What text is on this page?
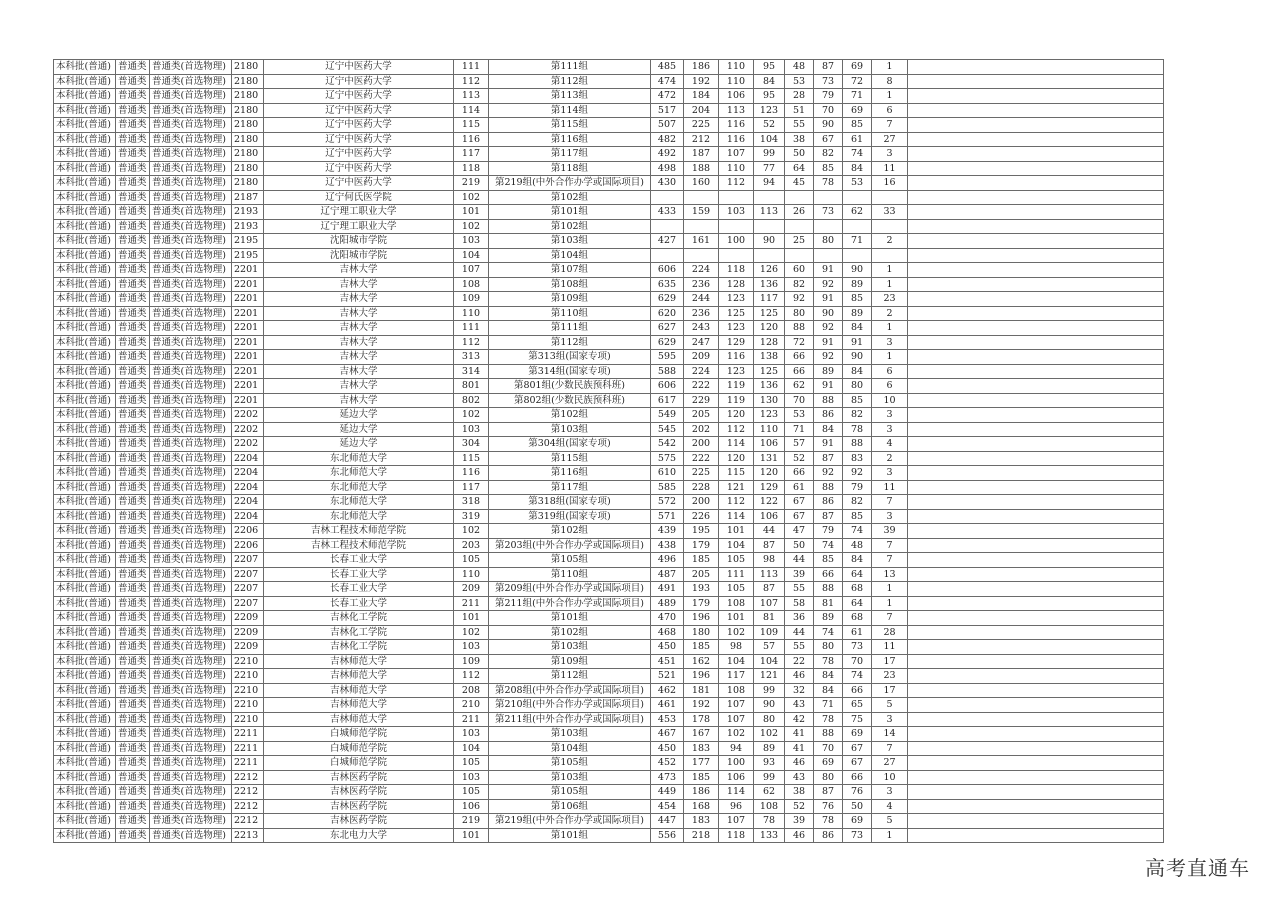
本科批(普通)	普通类	普通类(首选物理)	2180	辽宁中医药大学	111	第111组	485	186	110	95	48	87	69	1	
本科批(普通)	普通类	普通类(首选物理)	2180	辽宁中医药大学	112	第112组	474	192	110	84	53	73	72	8	
本科批(普通)	普通类	普通类(首选物理)	2180	辽宁中医药大学	113	第113组	472	184	106	95	28	79	71	1	
本科批(普通)	普通类	普通类(首选物理)	2180	辽宁中医药大学	114	第114组	517	204	113	123	51	70	69	6	
本科批(普通)	普通类	普通类(首选物理)	2180	辽宁中医药大学	115	第115组	507	225	116	52	55	90	85	7	
本科批(普通)	普通类	普通类(首选物理)	2180	辽宁中医药大学	116	第116组	482	212	116	104	38	67	61	27	
本科批(普通)	普通类	普通类(首选物理)	2180	辽宁中医药大学	117	第117组	492	187	107	99	50	82	74	3	
本科批(普通)	普通类	普通类(首选物理)	2180	辽宁中医药大学	118	第118组	498	188	110	77	64	85	84	11	
本科批(普通)	普通类	普通类(首选物理)	2180	辽宁中医药大学	219	第219组(中外合作办学或国际项目)	430	160	112	94	45	78	53	16	
本科批(普通)	普通类	普通类(首选物理)	2187	辽宁何氏医学院	102	第102组									
本科批(普通)	普通类	普通类(首选物理)	2193	辽宁理工职业大学	101	第101组	433	159	103	113	26	73	62	33	
本科批(普通)	普通类	普通类(首选物理)	2193	辽宁理工职业大学	102	第102组									
本科批(普通)	普通类	普通类(首选物理)	2195	沈阳城市学院	103	第103组	427	161	100	90	25	80	71	2	
本科批(普通)	普通类	普通类(首选物理)	2195	沈阳城市学院	104	第104组									
本科批(普通)	普通类	普通类(首选物理)	2201	吉林大学	107	第107组	606	224	118	126	60	91	90	1	
本科批(普通)	普通类	普通类(首选物理)	2201	吉林大学	108	第108组	635	236	128	136	82	92	89	1	
本科批(普通)	普通类	普通类(首选物理)	2201	吉林大学	109	第109组	629	244	123	117	92	91	85	23	
本科批(普通)	普通类	普通类(首选物理)	2201	吉林大学	110	第110组	620	236	125	125	80	90	89	2	
本科批(普通)	普通类	普通类(首选物理)	2201	吉林大学	111	第111组	627	243	123	120	88	92	84	1	
本科批(普通)	普通类	普通类(首选物理)	2201	吉林大学	112	第112组	629	247	129	128	72	91	91	3	
本科批(普通)	普通类	普通类(首选物理)	2201	吉林大学	313	第313组(国家专项)	595	209	116	138	66	92	90	1	
本科批(普通)	普通类	普通类(首选物理)	2201	吉林大学	314	第314组(国家专项)	588	224	123	125	66	89	84	6	
本科批(普通)	普通类	普通类(首选物理)	2201	吉林大学	801	第801组(少数民族预科班)	606	222	119	136	62	91	80	6	
本科批(普通)	普通类	普通类(首选物理)	2201	吉林大学	802	第802组(少数民族预科班)	617	229	119	130	70	88	85	10	
本科批(普通)	普通类	普通类(首选物理)	2202	延边大学	102	第102组	549	205	120	123	53	86	82	3	
本科批(普通)	普通类	普通类(首选物理)	2202	延边大学	103	第103组	545	202	112	110	71	84	78	3	
本科批(普通)	普通类	普通类(首选物理)	2202	延边大学	304	第304组(国家专项)	542	200	114	106	57	91	88	4	
本科批(普通)	普通类	普通类(首选物理)	2204	东北师范大学	115	第115组	575	222	120	131	52	87	83	2	
本科批(普通)	普通类	普通类(首选物理)	2204	东北师范大学	116	第116组	610	225	115	120	66	92	92	3	
本科批(普通)	普通类	普通类(首选物理)	2204	东北师范大学	117	第117组	585	228	121	129	61	88	79	11	
本科批(普通)	普通类	普通类(首选物理)	2204	东北师范大学	318	第318组(国家专项)	572	200	112	122	67	86	82	7	
本科批(普通)	普通类	普通类(首选物理)	2204	东北师范大学	319	第319组(国家专项)	571	226	114	106	67	87	85	3	
本科批(普通)	普通类	普通类(首选物理)	2206	吉林工程技术师范学院	102	第102组	439	195	101	44	47	79	74	39	
本科批(普通)	普通类	普通类(首选物理)	2206	吉林工程技术师范学院	203	第203组(中外合作办学或国际项目)	438	179	104	87	50	74	48	7	
本科批(普通)	普通类	普通类(首选物理)	2207	长春工业大学	105	第105组	496	185	105	98	44	85	84	7	
本科批(普通)	普通类	普通类(首选物理)	2207	长春工业大学	110	第110组	487	205	111	113	39	66	64	13	
本科批(普通)	普通类	普通类(首选物理)	2207	长春工业大学	209	第209组(中外合作办学或国际项目)	491	193	105	87	55	88	68	1	
本科批(普通)	普通类	普通类(首选物理)	2207	长春工业大学	211	第211组(中外合作办学或国际项目)	489	179	108	107	58	81	64	1	
本科批(普通)	普通类	普通类(首选物理)	2209	吉林化工学院	101	第101组	470	196	101	81	36	89	68	7	
本科批(普通)	普通类	普通类(首选物理)	2209	吉林化工学院	102	第102组	468	180	102	109	44	74	61	28	
本科批(普通)	普通类	普通类(首选物理)	2209	吉林化工学院	103	第103组	450	185	98	57	55	80	73	11	
本科批(普通)	普通类	普通类(首选物理)	2210	吉林师范大学	109	第109组	451	162	104	104	22	78	70	17	
本科批(普通)	普通类	普通类(首选物理)	2210	吉林师范大学	112	第112组	521	196	117	121	46	84	74	23	
本科批(普通)	普通类	普通类(首选物理)	2210	吉林师范大学	208	第208组(中外合作办学或国际项目)	462	181	108	99	32	84	66	17	
本科批(普通)	普通类	普通类(首选物理)	2210	吉林师范大学	210	第210组(中外合作办学或国际项目)	461	192	107	90	43	71	65	5	
本科批(普通)	普通类	普通类(首选物理)	2210	吉林师范大学	211	第211组(中外合作办学或国际项目)	453	178	107	80	42	78	75	3	
本科批(普通)	普通类	普通类(首选物理)	2211	白城师范学院	103	第103组	467	167	102	102	41	88	69	14	
本科批(普通)	普通类	普通类(首选物理)	2211	白城师范学院	104	第104组	450	183	94	89	41	70	67	7	
本科批(普通)	普通类	普通类(首选物理)	2211	白城师范学院	105	第105组	452	177	100	93	46	69	67	27	
本科批(普通)	普通类	普通类(首选物理)	2212	吉林医药学院	103	第103组	473	185	106	99	43	80	66	10	
本科批(普通)	普通类	普通类(首选物理)	2212	吉林医药学院	105	第105组	449	186	114	62	38	87	76	3	
本科批(普通)	普通类	普通类(首选物理)	2212	吉林医药学院	106	第106组	454	168	96	108	52	76	50	4	
本科批(普通)	普通类	普通类(首选物理)	2212	吉林医药学院	219	第219组(中外合作办学或国际项目)	447	183	107	78	39	78	69	5	
本科批(普通)	普通类	普通类(首选物理)	2213	东北电力大学	101	第101组	556	218	118	133	46	86	73	1	
高考直通车
